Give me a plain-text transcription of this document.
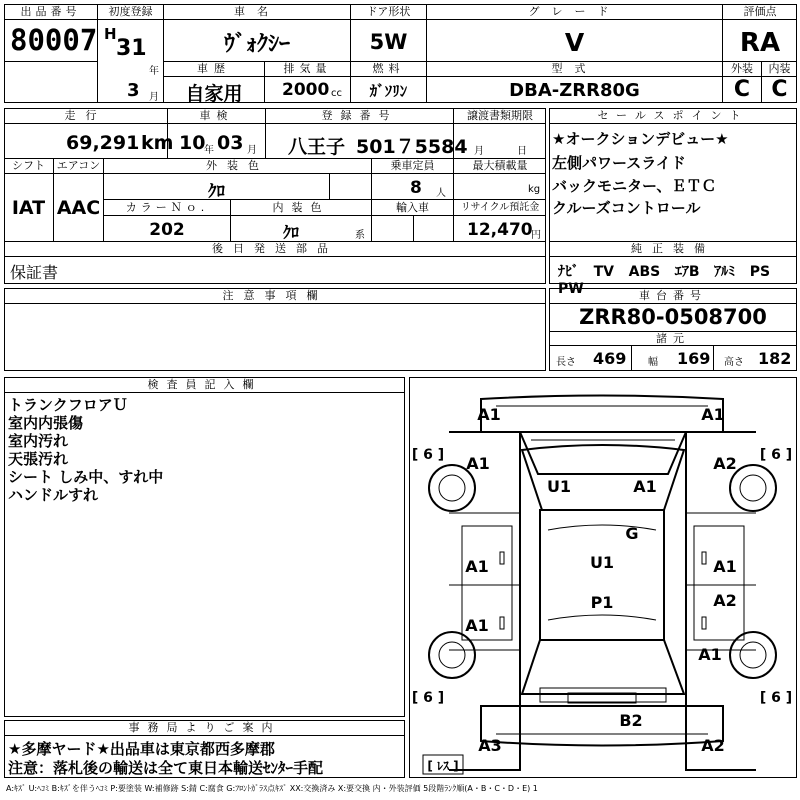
出品番号
80007
初度登録
H
31
年
3 月
車名
ｳﾞｫｸｼｰ
ドア形状
5W
グレード
V
評価点
RA
車歴
自家用
排気量
2000 cc
燃料
ｶﾞｿﾘﾝ
型式
DBA-ZRR80G
外装	内装
C C
走行
69,291 km
車検
10
年 03 月
登録番号
八王子 501７5584
譲渡書類期限
月	日
シフト
IAT
エアコン
AAC
外装色
ｸﾛ
乗車定員
8 人
最大積載量
kg
カラーＮｏ.
202
内装色
ｸﾛ	系
輸入車	リサイクル預託金
12,470
円
後日発送部品
保証書
セールスポイント
★オークションデビュー★
左側パワースライド
バックモニター、ＥＴＣ
クルーズコントロール
純正装備
ﾅﾋﾞ TV ABS ｴｱB ｱﾙﾐ PS   PW
注意事項欄	車台番号
ZRR80-0508700
諸元
長さ 469 幅 169 高さ 182
検査員記入欄
トランクフロアＵ
室内内張傷
室内汚れ
天張汚れ
シート しみ中、すれ中
ハンドルすれ
事務局よりご案内
★多摩ヤード★出品車は東京都西多摩郡
注意：落札後の輸送は全て東日本輸送ｾﾝﾀｰ手配
A1	A1
A1	A2
U1	A1
G
U1
A1	A1
P1	A2
A1
A1
B2
A3	A2
[ 6 ]	[ 6 ]
[ 6 ]	[ 6 ]
[ ﾚｽ ]
A:ｷｽﾞ U:ﾍｺﾐ B:ｷｽﾞを伴うﾍｺﾐ P:要塗装 W:補修跡 S:錆 C:腐食 G:ﾌﾛﾝﾄｶﾞﾗｽ点ｷｽﾞ XX:交換済み X:要交換 内・外装評価 5段階ﾗﾝｸ順(A・B・C・D・E) 1
